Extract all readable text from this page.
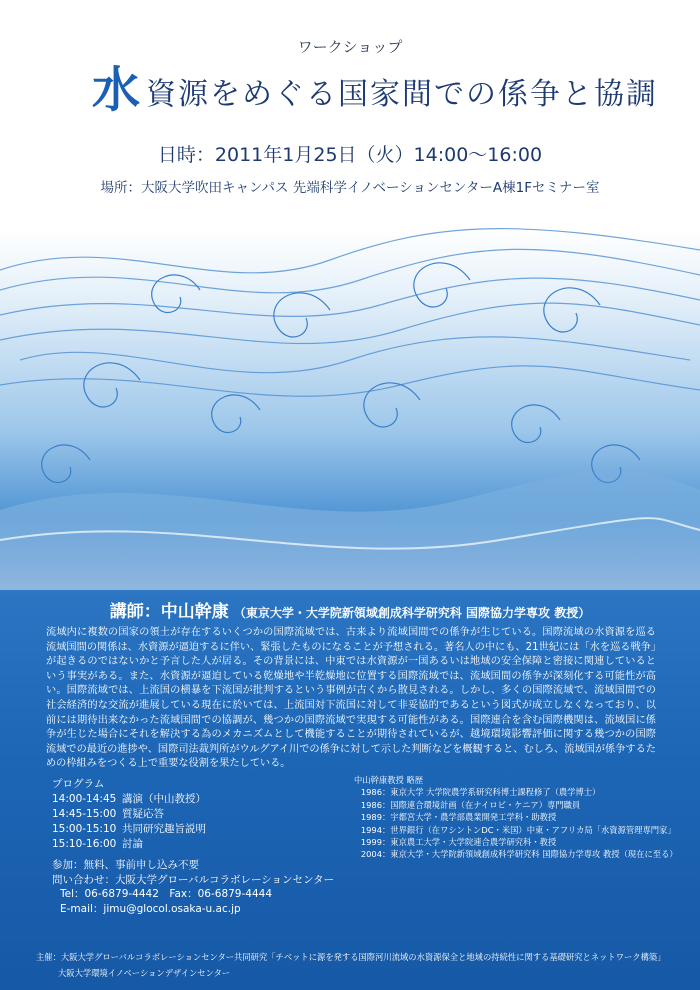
ワークショップ
水 資源をめぐる国家間での係争と協調
日時：2011年1月25日（火）14:00～16:00
場所：大阪大学吹田キャンパス 先端科学イノベーションセンターA棟1Fセミナー室
講師：中山幹康 （東京大学・大学院新領域創成科学研究科 国際協力学専攻 教授）
流域内に複数の国家の領土が存在するいくつかの国際流域では、古来より流域国間での係争が生じている。国際流域の水資源を巡る流域国間の関係は、水資源が逼迫するに伴い、緊張したものになることが予想される。著名人の中にも、21世紀には「水を巡る戦争」が起きるのではないかと予言した人が居る。その背景には、中東では水資源が一国あるいは地域の安全保障と密接に関連しているという事実がある。また、水資源が逼迫している乾燥地や半乾燥地に位置する国際流域では、流域国間の係争が深刻化する可能性が高い。国際流域では、上流国の横暴を下流国が批判するという事例が古くから散見される。しかし、多くの国際流域で、流域国間での社会経済的な交流が進展している現在に於いては、上流国対下流国に対して非妥協的であるという図式が成立しなくなっており、以前には期待出来なかった流域国間での協調が、幾つかの国際流域で実現する可能性がある。国際連合を含む国際機関は、流域国に係争が生じた場合にそれを解決する為のメカニズムとして機能することが期待されているが、越境環境影響評価に関する幾つかの国際流域での最近の進捗や、国際司法裁判所がウルグアイ川での係争に対して示した判断などを概観すると、むしろ、流域国が係争するための枠組みをつくる上で重要な役割を果たしている。
プログラム
14:00-14:45 講演（中山教授）
14:45-15:00 質疑応答
15:00-15:10 共同研究趣旨説明
15:10-16:00 討論
中山幹康教授 略歴
1986：東京大学 大学院農学系研究科博士課程修了（農学博士）
1986：国際連合環境計画（在ナイロビ・ケニア）専門職員
1989：宇都宮大学・農学部農業開発工学科・助教授
1994：世界銀行（在ワシントンDC・米国）中東・アフリカ局「水資源管理専門家」
1999：東京農工大学・大学院連合農学研究科・教授
2004：東京大学・大学院新領域創成科学研究科 国際協力学専攻 教授（現在に至る）
参加：無料、事前申し込み不要
問い合わせ：大阪大学グローバルコラボレーションセンター
Tel：06-6879-4442　Fax：06-6879-4444
E-mail：jimu@glocol.osaka-u.ac.jp
主催：大阪大学グローバルコラボレーションセンター共同研究「チベットに源を発する国際河川流域の水資源保全と地域の持続性に関する基礎研究とネットワーク構築」
大阪大学環境イノベーションデザインセンター
